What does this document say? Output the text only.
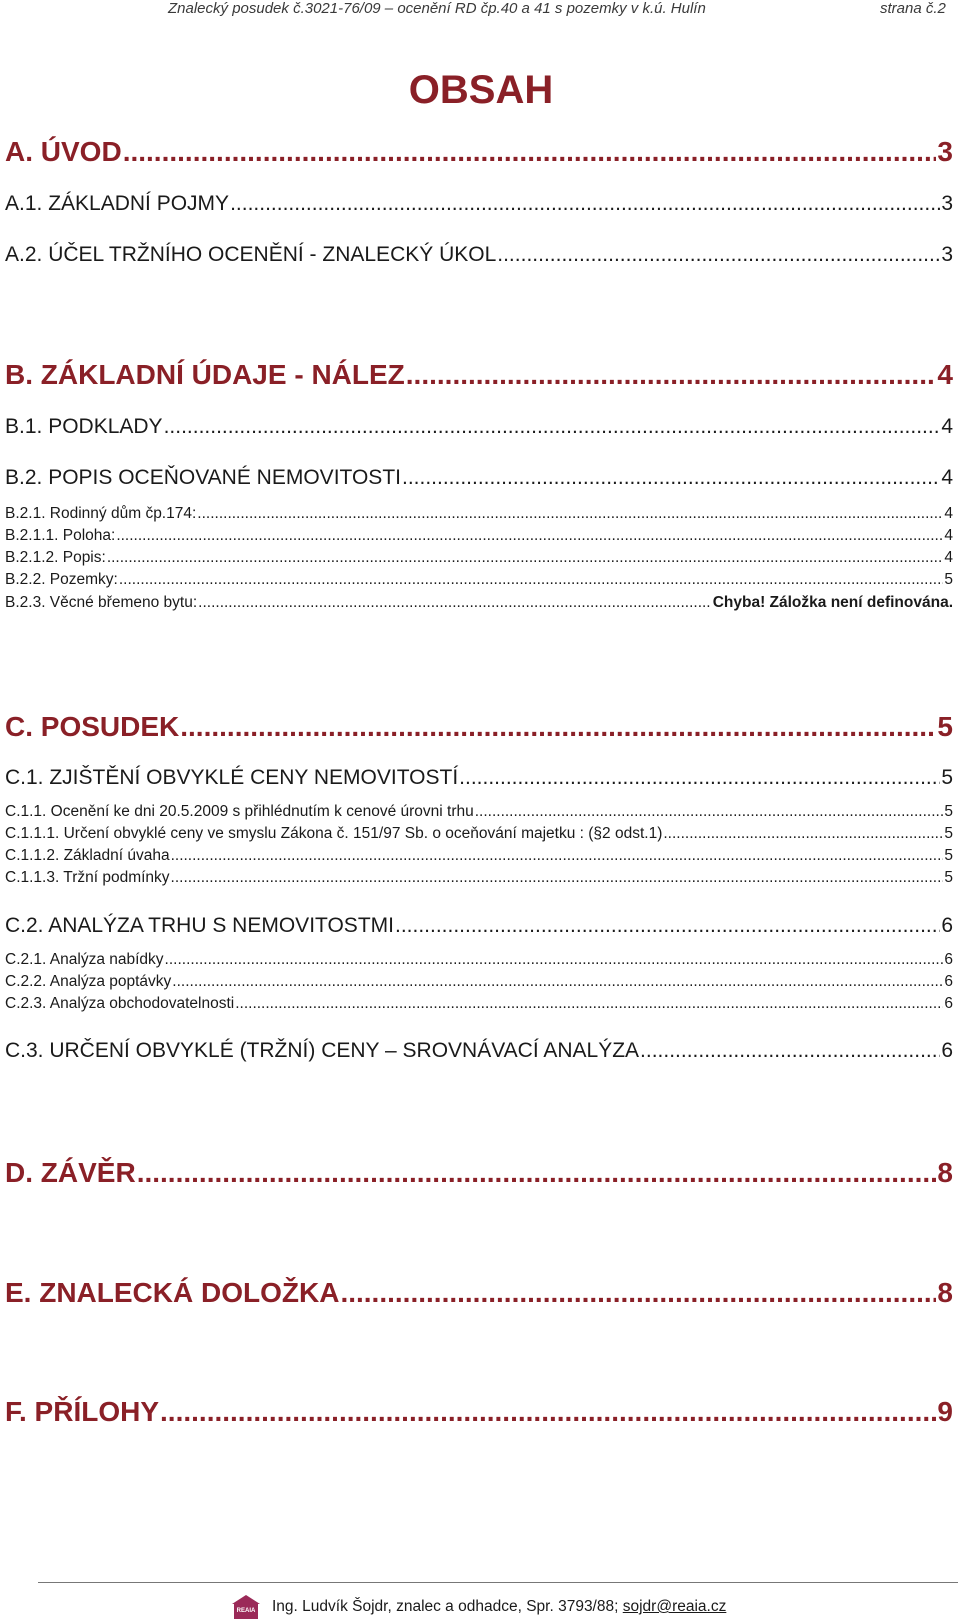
Znalecký posudek č.3021-76/09 – ocenění RD čp.40 a 41 s pozemky v k.ú. Hulín	strana č.2
OBSAH
A. ÚVOD .....	3
A.1. ZÁKLADNÍ POJMY .....	3
A.2. ÚČEL TRŽNÍHO OCENĚNÍ - ZNALECKÝ ÚKOL .....	3
B. ZÁKLADNÍ ÚDAJE - NÁLEZ .....	4
B.1. PODKLADY .....	4
B.2. POPIS OCEŇOVANÉ NEMOVITOSTI .....	4
B.2.1. Rodinný dům čp.174: .....	4
B.2.1.1. Poloha: .....	4
B.2.1.2. Popis: .....	4
B.2.2. Pozemky: .....	5
B.2.3. Věcné břemeno bytu: .....	Chyba! Záložka není definována.
C. POSUDEK .....	5
C.1. ZJIŠTĚNÍ OBVYKLÉ CENY NEMOVITOSTÍ .....	5
C.1.1. Ocenění ke dni 20.5.2009 s přihlédnutím k cenové úrovni trhu .....	5
C.1.1.1. Určení obvyklé ceny ve smyslu Zákona č. 151/97 Sb. o oceňování majetku : (§2 odst.1) .....	5
C.1.1.2. Základní úvaha .....	5
C.1.1.3. Tržní podmínky .....	5
C.2. ANALÝZA TRHU S NEMOVITOSTMI .....	6
C.2.1. Analýza nabídky .....	6
C.2.2. Analýza poptávky .....	6
C.2.3. Analýza obchodovatelnosti .....	6
C.3. URČENÍ OBVYKLÉ (TRŽNÍ) CENY – SROVNÁVACÍ ANALÝZA .....	6
D. ZÁVĚR .....	8
E. ZNALECKÁ DOLOŽKA .....	8
F. PŘÍLOHY .....	9
REAIA Ing. Ludvík Šojdr, znalec a odhadce, Spr. 3793/88;
sojdr@reaia.cz
